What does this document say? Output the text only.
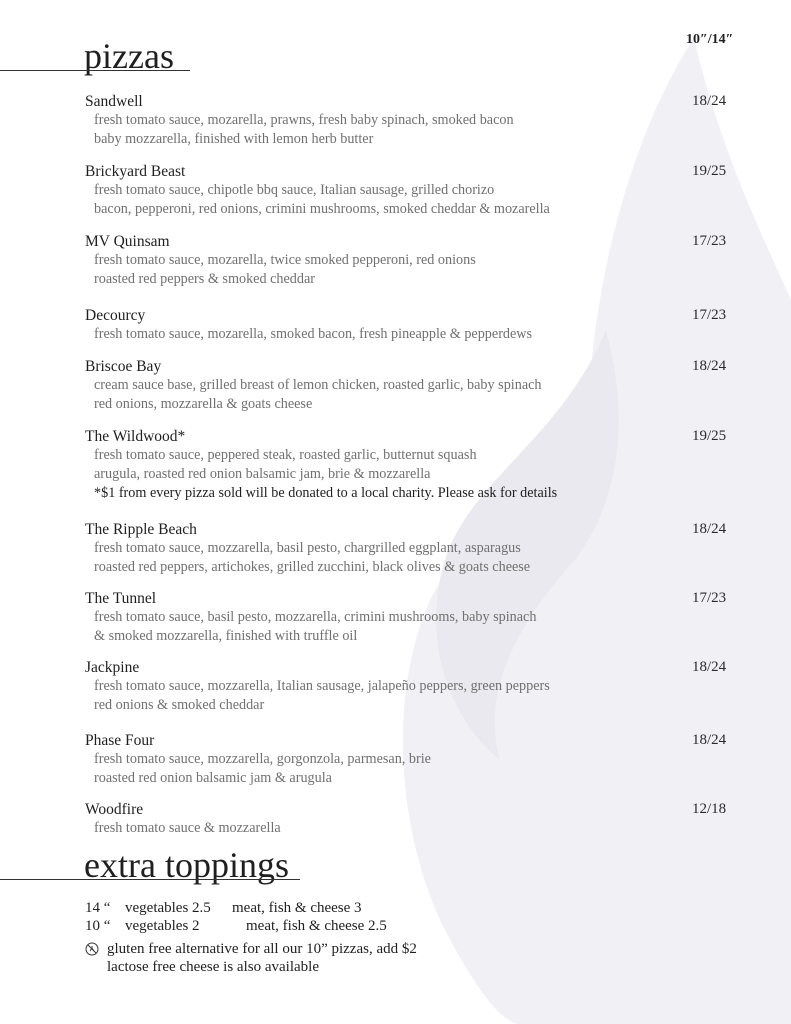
10″/14″
pizzas
Sandwell	18/24
fresh tomato sauce, mozarella, prawns, fresh baby spinach, smoked bacon
baby mozzarella, finished with lemon herb butter
Brickyard Beast	19/25
fresh tomato sauce, chipotle bbq sauce, Italian sausage, grilled chorizo
bacon, pepperoni, red onions, crimini mushrooms, smoked cheddar & mozarella
MV Quinsam	17/23
fresh tomato sauce, mozarella, twice smoked pepperoni, red onions
roasted red peppers & smoked cheddar
Decourcy	17/23
fresh tomato sauce, mozarella, smoked bacon, fresh pineapple & pepperdews
Briscoe Bay	18/24
cream sauce base, grilled breast of lemon chicken, roasted garlic, baby spinach
red onions, mozzarella & goats cheese
The Wildwood*	19/25
fresh tomato sauce, peppered steak, roasted garlic, butternut squash
arugula, roasted red onion balsamic jam, brie & mozzarella
*$1 from every pizza sold will be donated to a local charity. Please ask for details
The Ripple Beach	18/24
fresh tomato sauce, mozzarella, basil pesto, chargrilled eggplant, asparagus
roasted red peppers, artichokes, grilled zucchini, black olives & goats cheese
The Tunnel	17/23
fresh tomato sauce, basil pesto, mozzarella, crimini mushrooms, baby spinach
& smoked mozzarella, finished with truffle oil
Jackpine	18/24
fresh tomato sauce, mozzarella, Italian sausage, jalapeño peppers, green peppers
red onions & smoked cheddar
Phase Four	18/24
fresh tomato sauce, mozzarella, gorgonzola, parmesan, brie
roasted red onion balsamic jam & arugula
Woodfire	12/18
fresh tomato sauce & mozzarella
extra toppings
14 “ vegetables 2.5 meat, fish & cheese 3
10 “ vegetables 2	meat, fish & cheese 2.5
gluten free alternative for all our 10” pizzas, add $2
lactose free cheese is also available
